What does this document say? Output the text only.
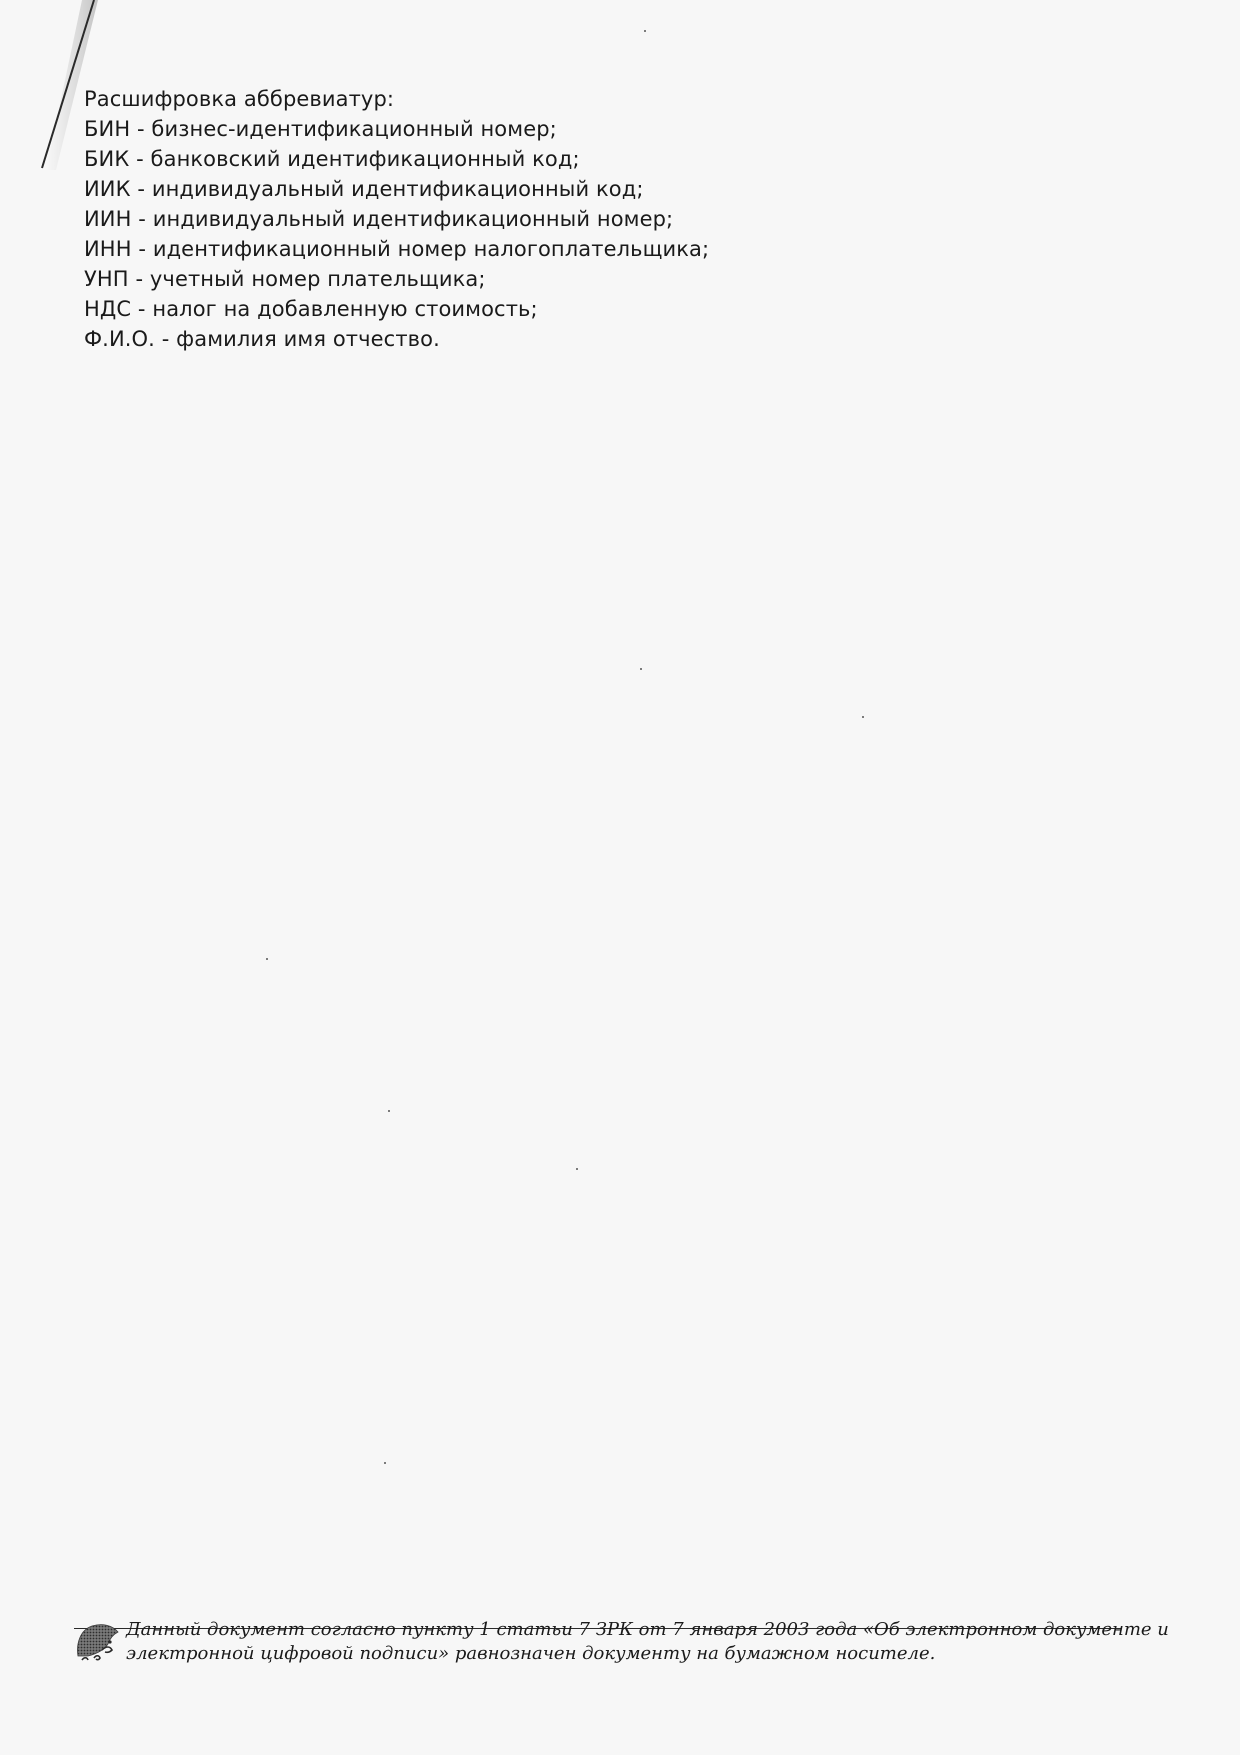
Расшифровка аббревиатур:
БИН - бизнес-идентификационный номер;
БИК - банковский идентификационный код;
ИИК - индивидуальный идентификационный код;
ИИН - индивидуальный идентификационный номер;
ИНН - идентификационный номер налогоплательщика;
УНП - учетный номер плательщика;
НДС - налог на добавленную стоимость;
Ф.И.О. - фамилия имя отчество.
Данный документ согласно пункту 1 статьи 7 ЗРК от 7 января 2003 года «Об электронном документе и
электронной цифровой подписи» равнозначен документу на бумажном носителе.
